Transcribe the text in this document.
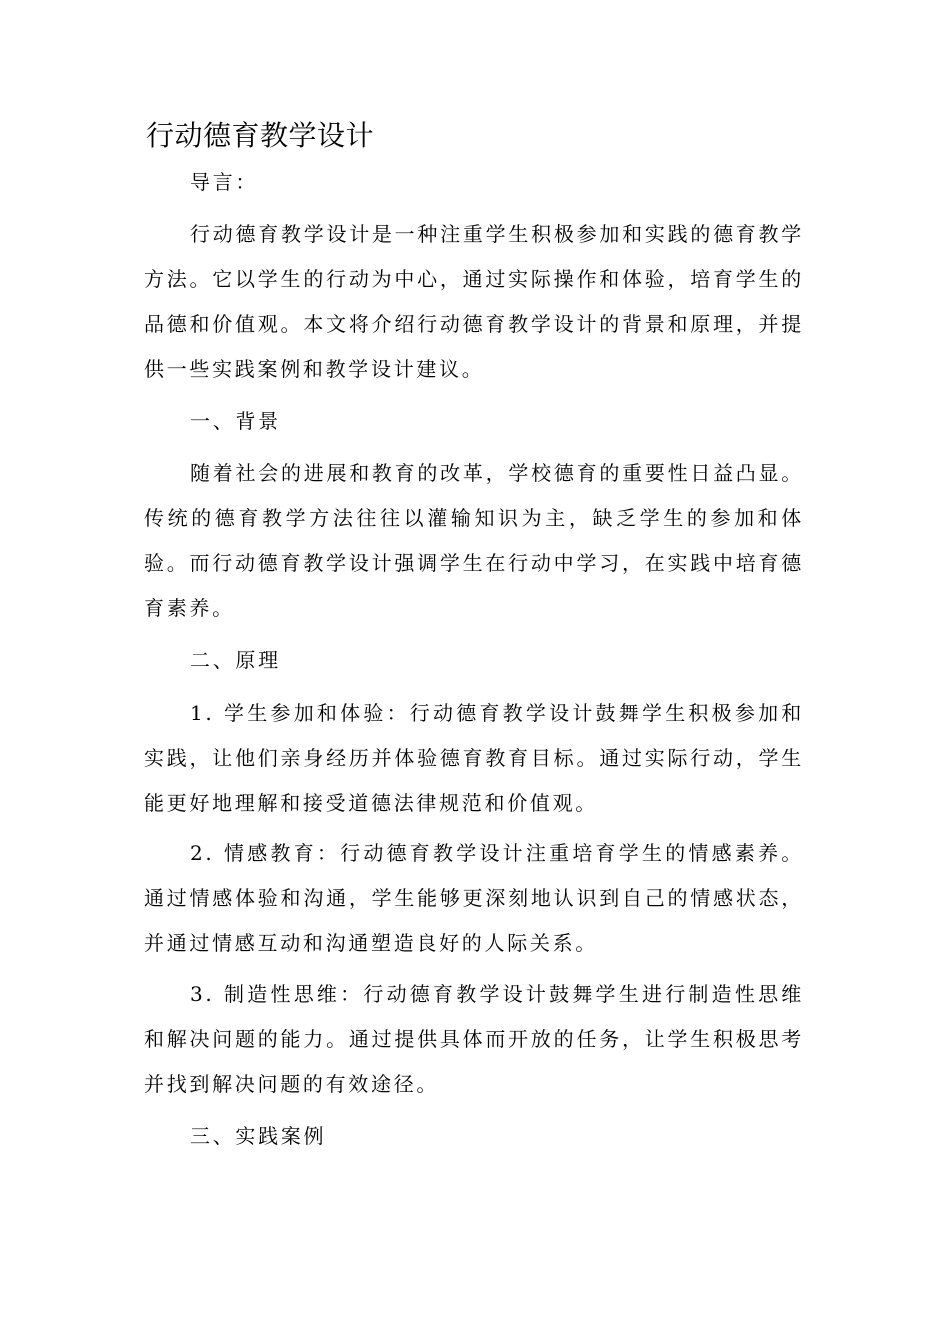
行动德育教学设计

导言：

行动德育教学设计是一种注重学生积极参加和实践的德育教学方法。它以学生的行动为中心，通过实际操作和体验，培育学生的品德和价值观。本文将介绍行动德育教学设计的背景和原理，并提供一些实践案例和教学设计建议。

一、背景

随着社会的进展和教育的改革，学校德育的重要性日益凸显。传统的德育教学方法往往以灌输知识为主，缺乏学生的参加和体验。而行动德育教学设计强调学生在行动中学习，在实践中培育德育素养。

二、原理

1. 学生参加和体验：行动德育教学设计鼓舞学生积极参加和实践，让他们亲身经历并体验德育教育目标。通过实际行动，学生能更好地理解和接受道德法律规范和价值观。

2. 情感教育：行动德育教学设计注重培育学生的情感素养。通过情感体验和沟通，学生能够更深刻地认识到自己的情感状态，并通过情感互动和沟通塑造良好的人际关系。

3. 制造性思维：行动德育教学设计鼓舞学生进行制造性思维和解决问题的能力。通过提供具体而开放的任务，让学生积极思考并找到解决问题的有效途径。

三、实践案例
